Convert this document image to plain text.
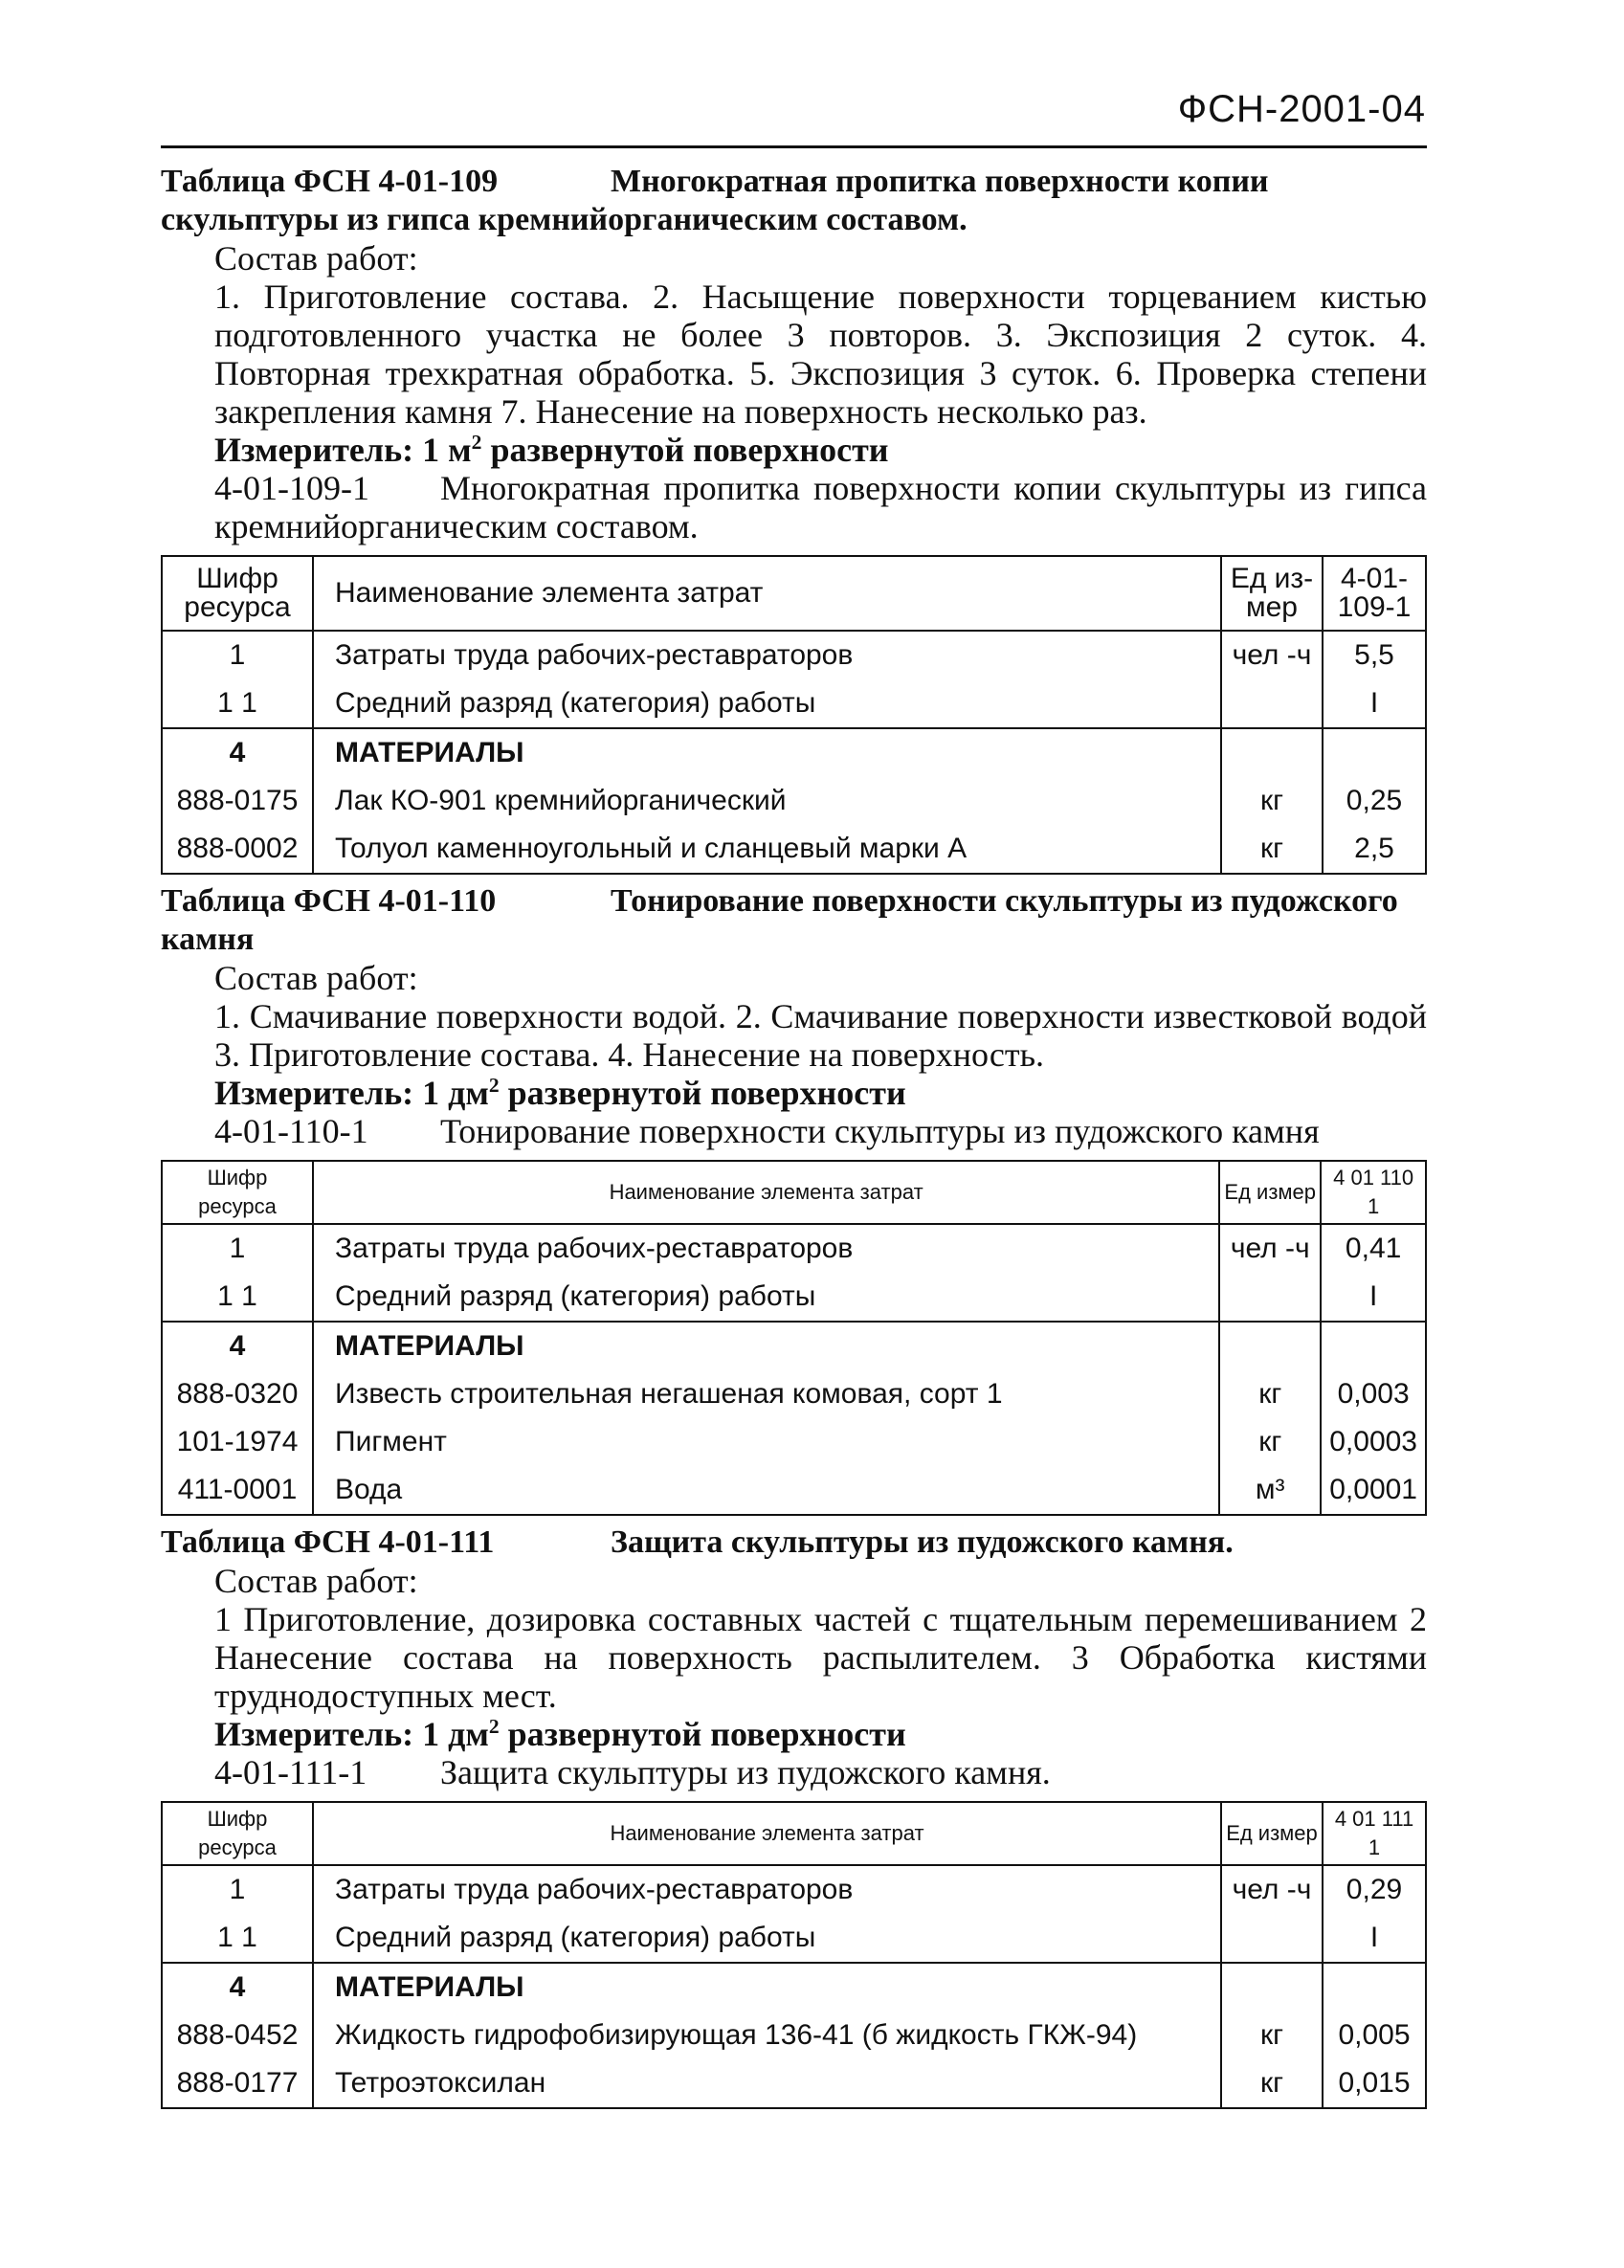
ФСН-2001-04

Таблица ФСН 4-01-109	Многократная пропитка поверхности копии скульптуры из гипса кремнийорганическим составом.

Состав работ:

1. Приготовление состава. 2. Насыщение поверхности торцеванием кистью подготовленного участка не более 3 повторов. 3. Экспозиция 2 суток. 4. Повторная трехкратная обработка. 5. Экспозиция 3 суток. 6. Проверка степени закрепления камня 7. Нанесение на поверхность несколько раз.

Измеритель: 1 $м^2$ развернутой поверхности

4-01-109-1 Многократная пропитка поверхности копии скульптуры из гипса кремнийорганическим составом.

Шифр ресурса	Наименование элемента затрат	Ед из-мер	4-01-109-1
1	Затраты труда рабочих-реставраторов	чел -ч	5,5
1 1	Средний разряд (категория) работы		I
4	МАТЕРИАЛЫ		
888-0175	Лак КО-901 кремнийорганический	кг	0,25
888-0002	Толуол каменноугольный и сланцевый марки А	кг	2,5

Таблица ФСН 4-01-110	Тонирование поверхности скульптуры из пудожского камня

Состав работ:

1. Смачивание поверхности водой. 2. Смачивание поверхности известковой водой 3. Приготовление состава. 4. Нанесение на поверхность.

Измеритель: 1 $дм^2$ развернутой поверхности

4-01-110-1 Тонирование поверхности скульптуры из пудожского камня

Шифр ресурса	Наименование элемента затрат	Ед измер	4 01 110 1
1	Затраты труда рабочих-реставраторов	чел -ч	0,41
1 1	Средний разряд (категория) работы		I
4	МАТЕРИАЛЫ		
888-0320	Известь строительная негашеная комовая, сорт 1	кг	0,003
101-1974	Пигмент	кг	0,0003
411-0001	Вода	м³	0,0001

Таблица ФСН 4-01-111	Защита скульптуры из пудожского камня.

Состав работ:

1 Приготовление, дозировка составных частей с тщательным перемешиванием 2 Нанесение состава на поверхность распылителем. 3 Обработка кистями труднодоступных мест.

Измеритель: 1 $дм^2$ развернутой поверхности

4-01-111-1 Защита скульптуры из пудожского камня.

Шифр ресурса	Наименование элемента затрат	Ед измер	4 01 111 1
1	Затраты труда рабочих-реставраторов	чел -ч	0,29
1 1	Средний разряд (категория) работы		I
4	МАТЕРИАЛЫ		
888-0452	Жидкость гидрофобизирующая 136-41 (б жидкость ГКЖ-94)	кг	0,005
888-0177	Тетроэтоксилан	кг	0,015
